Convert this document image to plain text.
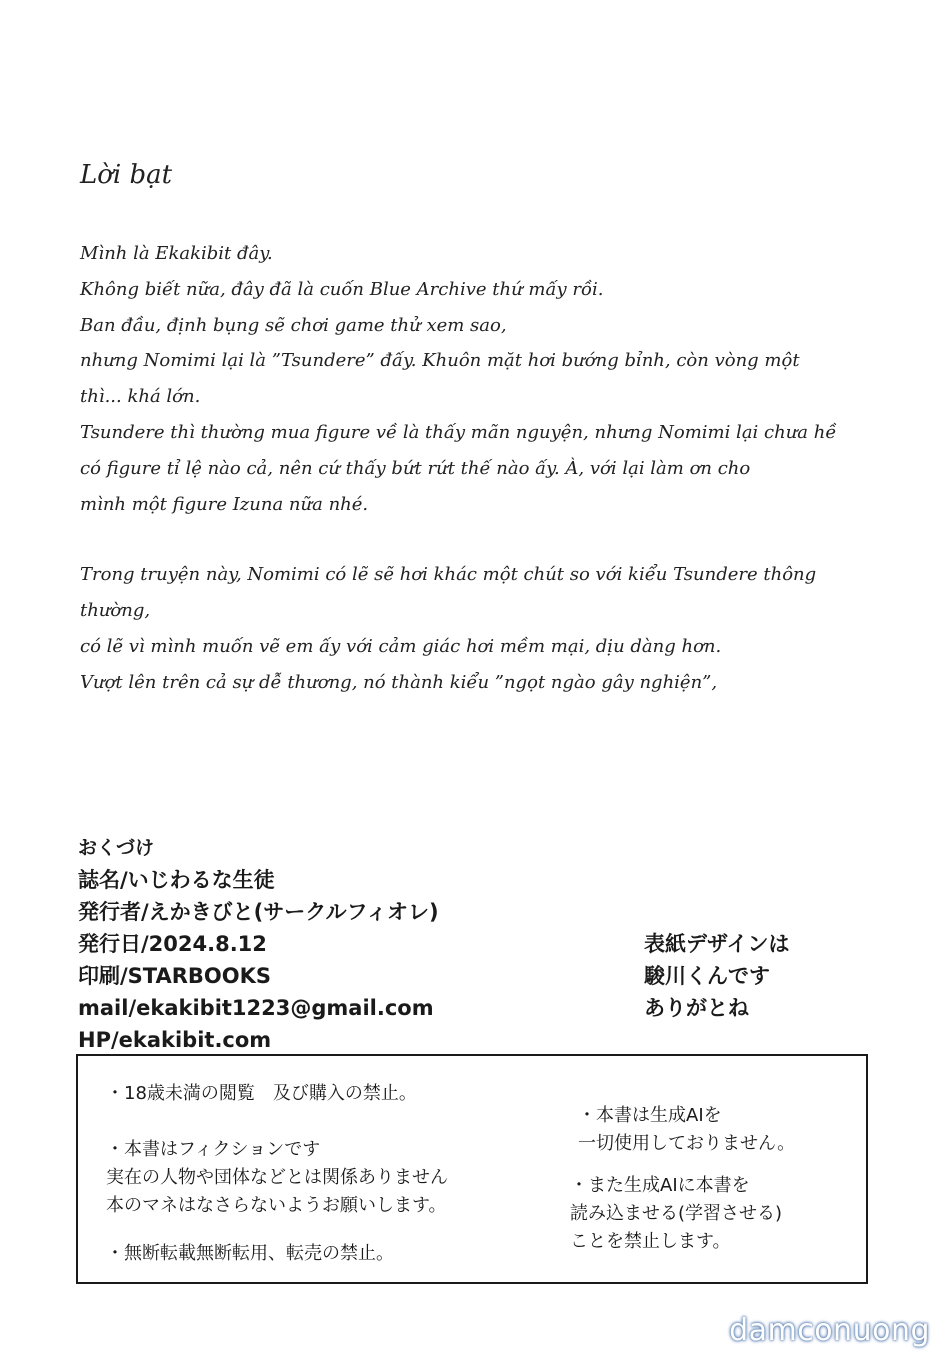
Lời bạt

Mình là Ekakibit đây.

Không biết nữa, đây đã là cuốn Blue Archive thứ mấy rồi.

Ban đầu, định bụng sẽ chơi game thử xem sao,

nhưng Nomimi lại là ”Tsundere” đấy. Khuôn mặt hơi bướng bỉnh, còn vòng một

thì... khá lớn.

Tsundere thì thường mua figure về là thấy mãn nguyện, nhưng Nomimi lại chưa hề

có figure tỉ lệ nào cả, nên cứ thấy bứt rứt thế nào ấy. À, với lại làm ơn cho

mình một figure Izuna nữa nhé.

Trong truyện này, Nomimi có lẽ sẽ hơi khác một chút so với kiểu Tsundere thông

thường,

có lẽ vì mình muốn vẽ em ấy với cảm giác hơi mềm mại, dịu dàng hơn.

Vượt lên trên cả sự dễ thương, nó thành kiểu ”ngọt ngào gây nghiện”,

おくづけ
誌名/いじわるな生徒
発行者/えかきびと(サークルフィオレ)
発行日/2024.8.12
印刷/STARBOOKS
mail/ekakibit1223@gmail.com
HP/ekakibit.com
表紙デザインは
駿川くんです
ありがとね
・18歳未満の閲覧　及び購入の禁止。
・本書はフィクションです
実在の人物や団体などとは関係ありません
本のマネはなさらないようお願いします。
・無断転載無断転用、転売の禁止。
・本書は生成AIを
一切使用しておりません。
・また生成AIに本書を
読み込ませる(学習させる)
ことを禁止します。
damconuong
